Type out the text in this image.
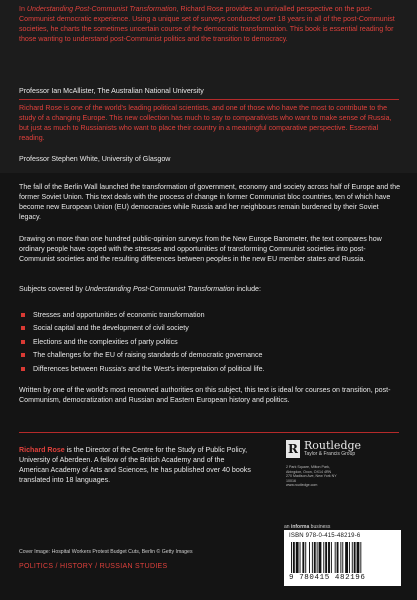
In Understanding Post-Communist Transformation, Richard Rose provides an unrivalled perspective on the post-Communist democratic experience. Using a unique set of surveys conducted over 18 years in all of the post-Communist societies, he charts the sometimes uncertain course of the democratic transformation. This book is essential reading for those wanting to understand post-Communist politics and the transition to democracy.

Professor Ian McAllister, The Australian National University

Richard Rose is one of the world's leading political scientists, and one of those who have the most to contribute to the study of a changing Europe. This new collection has much to say to comparativists who want to make sense of Russia, but just as much to Russianists who want to place their country in a meaningful comparative perspective. Essential reading.

Professor Stephen White, University of Glasgow

The fall of the Berlin Wall launched the transformation of government, economy and society across half of Europe and the former Soviet Union. This text deals with the process of change in former Communist bloc countries, ten of which have become new European Union (EU) democracies while Russia and her neighbours remain burdened by their Soviet legacy.

Drawing on more than one hundred public-opinion surveys from the New Europe Barometer, the text compares how ordinary people have coped with the stresses and opportunities of transforming Communist societies into post-Communist societies and the resulting differences between peoples in the new EU member states and Russia.

Subjects covered by Understanding Post-Communist Transformation include:

Stresses and opportunities of economic transformation
Social capital and the development of civil society
Elections and the complexities of party politics
The challenges for the EU of raising standards of democratic governance
Differences between Russia's and the West's interpretation of political life.

Written by one of the world's most renowned authorities on this subject, this text is ideal for courses on transition, post-Communism, democratization and Russian and Eastern European history and politics.

Richard Rose is the Director of the Centre for the Study of Public Policy, University of Aberdeen. A fellow of the British Academy and of the American Academy of Arts and Sciences, he has published over 40 books translated into 18 languages.

R Routledge
Taylor & Francis Group
2 Park Square, Milton Park,
Abingdon, Oxon, OX14 4RN
270 Madison Ave, New York NY 10016
www.routledge.com
an informa business
ISBN 978-0-415-48219-6
9 780415 482196
Cover Image: Hospital Workers Protest Budget Cuts, Berlin © Getty Images
POLITICS / HISTORY / RUSSIAN STUDIES
